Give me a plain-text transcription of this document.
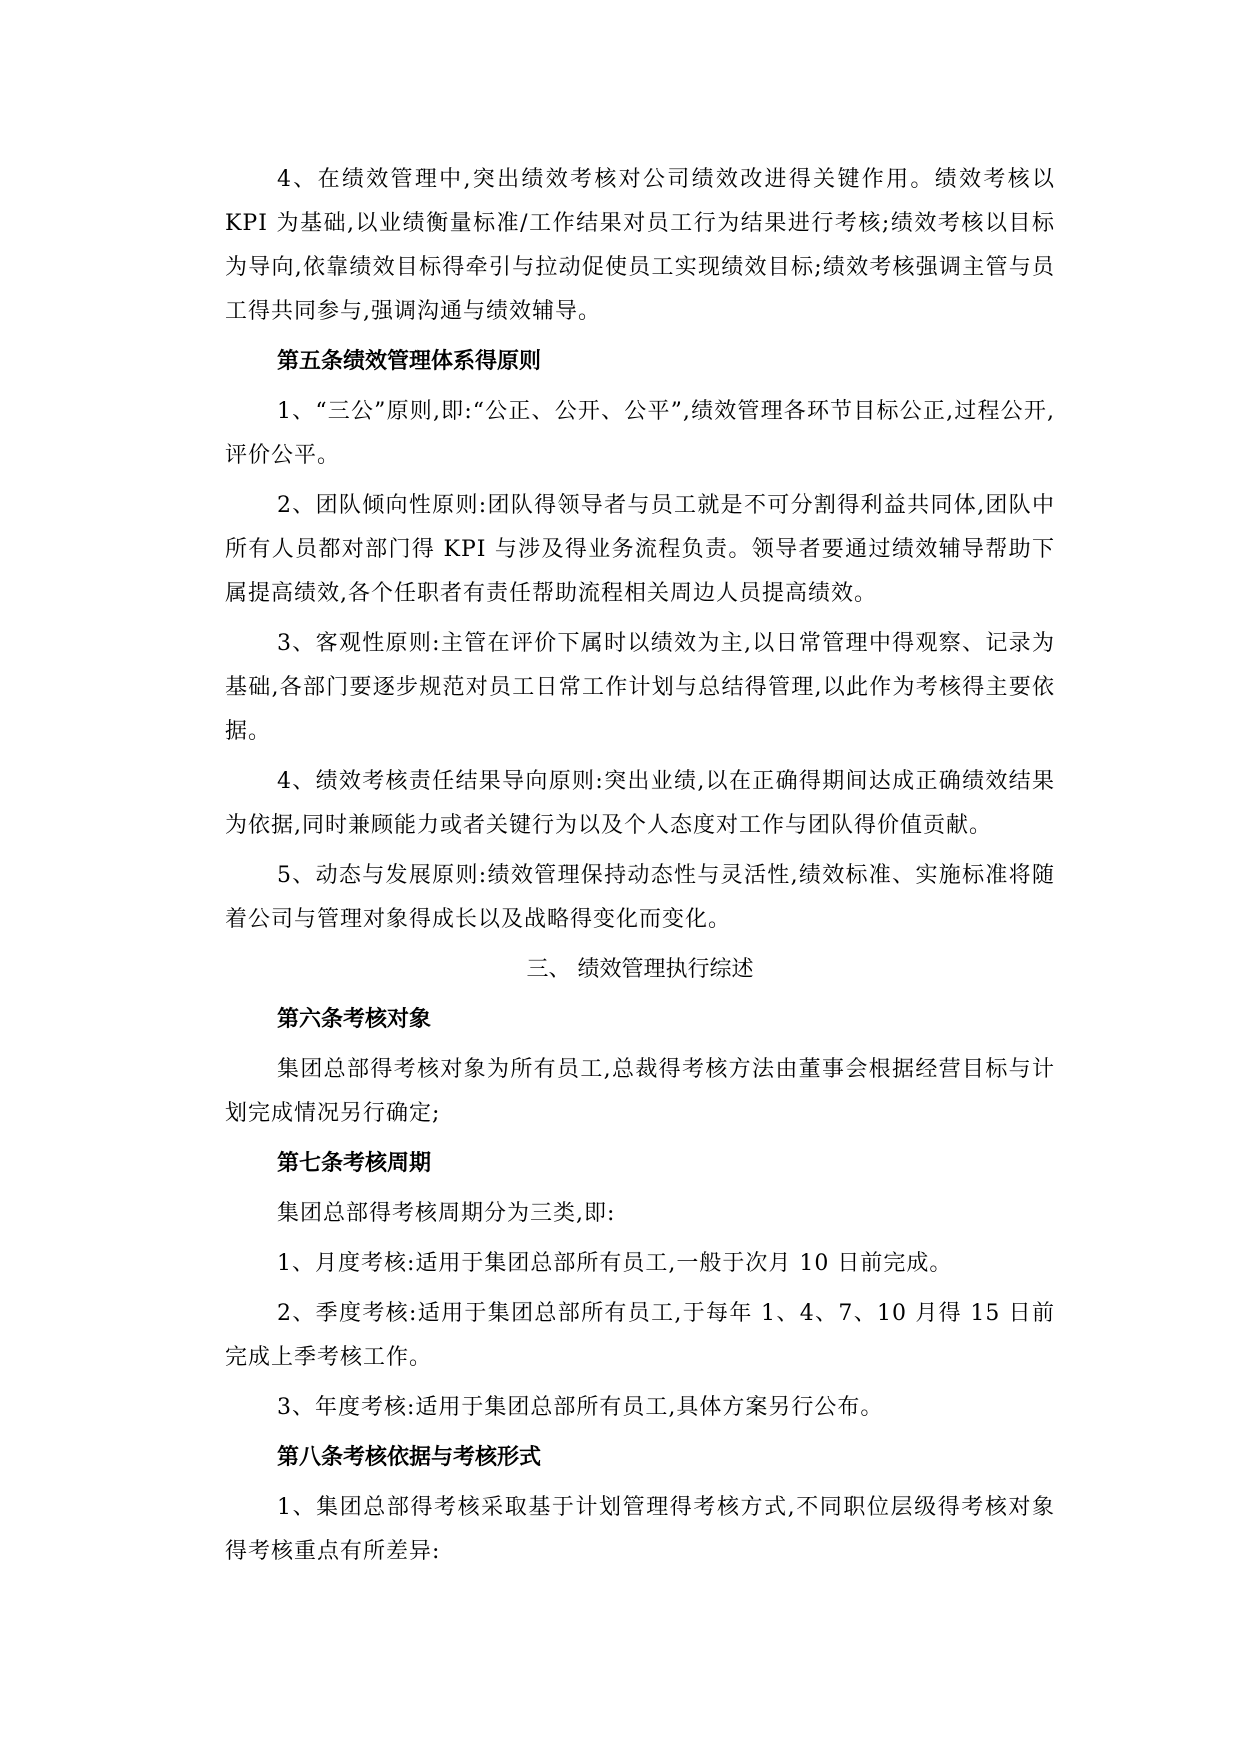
4、在绩效管理中,突出绩效考核对公司绩效改进得关键作用。绩效考核以 KPI 为基础,以业绩衡量标准/工作结果对员工行为结果进行考核;绩效考核以目标为导向,依靠绩效目标得牵引与拉动促使员工实现绩效目标;绩效考核强调主管与员工得共同参与,强调沟通与绩效辅导。

第五条绩效管理体系得原则

1、“三公”原则,即:“公正、公开、公平”,绩效管理各环节目标公正,过程公开,评价公平。

2、团队倾向性原则:团队得领导者与员工就是不可分割得利益共同体,团队中所有人员都对部门得 KPI 与涉及得业务流程负责。领导者要通过绩效辅导帮助下属提高绩效,各个任职者有责任帮助流程相关周边人员提高绩效。

3、客观性原则:主管在评价下属时以绩效为主,以日常管理中得观察、记录为基础,各部门要逐步规范对员工日常工作计划与总结得管理,以此作为考核得主要依据。

4、绩效考核责任结果导向原则:突出业绩,以在正确得期间达成正确绩效结果为依据,同时兼顾能力或者关键行为以及个人态度对工作与团队得价值贡献。

5、动态与发展原则:绩效管理保持动态性与灵活性,绩效标准、实施标准将随着公司与管理对象得成长以及战略得变化而变化。

三、 绩效管理执行综述

第六条考核对象

集团总部得考核对象为所有员工,总裁得考核方法由董事会根据经营目标与计划完成情况另行确定;

第七条考核周期

集团总部得考核周期分为三类,即:

1、月度考核:适用于集团总部所有员工,一般于次月 10 日前完成。

2、季度考核:适用于集团总部所有员工,于每年 1、4、7、10 月得 15 日前完成上季考核工作。

3、年度考核:适用于集团总部所有员工,具体方案另行公布。

第八条考核依据与考核形式

1、集团总部得考核采取基于计划管理得考核方式,不同职位层级得考核对象得考核重点有所差异:
